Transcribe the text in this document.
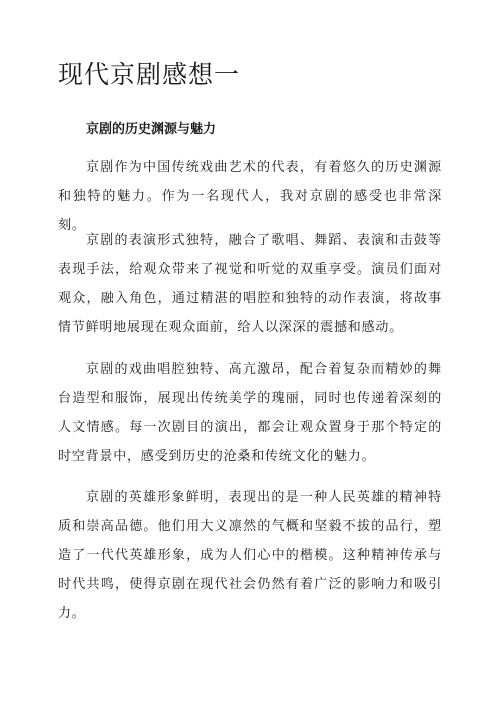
现代京剧感想一
京剧的历史渊源与魅力

京剧作为中国传统戏曲艺术的代表，有着悠久的历史渊源和独特的魅力。作为一名现代人，我对京剧的感受也非常深刻。

京剧的表演形式独特，融合了歌唱、舞蹈、表演和击鼓等表现手法，给观众带来了视觉和听觉的双重享受。演员们面对观众，融入角色，通过精湛的唱腔和独特的动作表演，将故事情节鲜明地展现在观众面前，给人以深深的震撼和感动。

京剧的戏曲唱腔独特、高亢激昂，配合着复杂而精妙的舞台造型和服饰，展现出传统美学的瑰丽，同时也传递着深刻的人文情感。每一次剧目的演出，都会让观众置身于那个特定的时空背景中，感受到历史的沧桑和传统文化的魅力。

京剧的英雄形象鲜明，表现出的是一种人民英雄的精神特质和崇高品德。他们用大义凛然的气概和坚毅不拔的品行，塑造了一代代英雄形象，成为人们心中的楷模。这种精神传承与时代共鸣，使得京剧在现代社会仍然有着广泛的影响力和吸引力。
